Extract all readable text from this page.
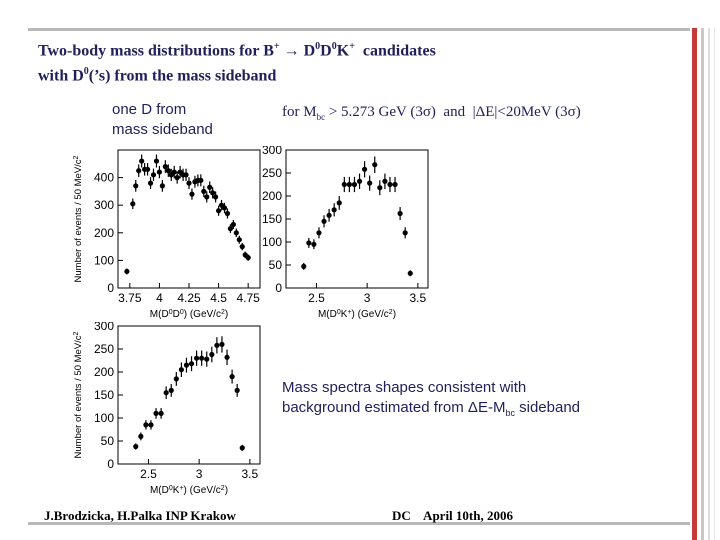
Two-body mass distributions for $B^+ \to D^0D^0K^+$  candidates
with $D^0(’s)$ from the mass sideband
one D from
mass sideband
for $M_{bc} > 5.273$ GeV (3σ)  and  |ΔE|<20MeV (3σ)
Mass spectra shapes consistent with
background estimated from $\Delta E-M_{bc}$ sideband
J.Brodzicka, H.Palka INP Krakow	DC    April 10th, 2006
0
100
200
300
400
3.75 4 4.25 4.5 4.75
$M(D^0D^0)$ $(GeV/c^2)$
Number of events / 50 MeV/$c^2$
0
50
100
150
200
250
300
2.5	3	3.5
$M(D^0K^+)$ $(GeV/c^2)$
0
50
100
150
200
250
300
2.5	3	3.5
$M(D^0K^+)$ $(GeV/c^2)$
Number of events / 50 MeV/$c^2$
